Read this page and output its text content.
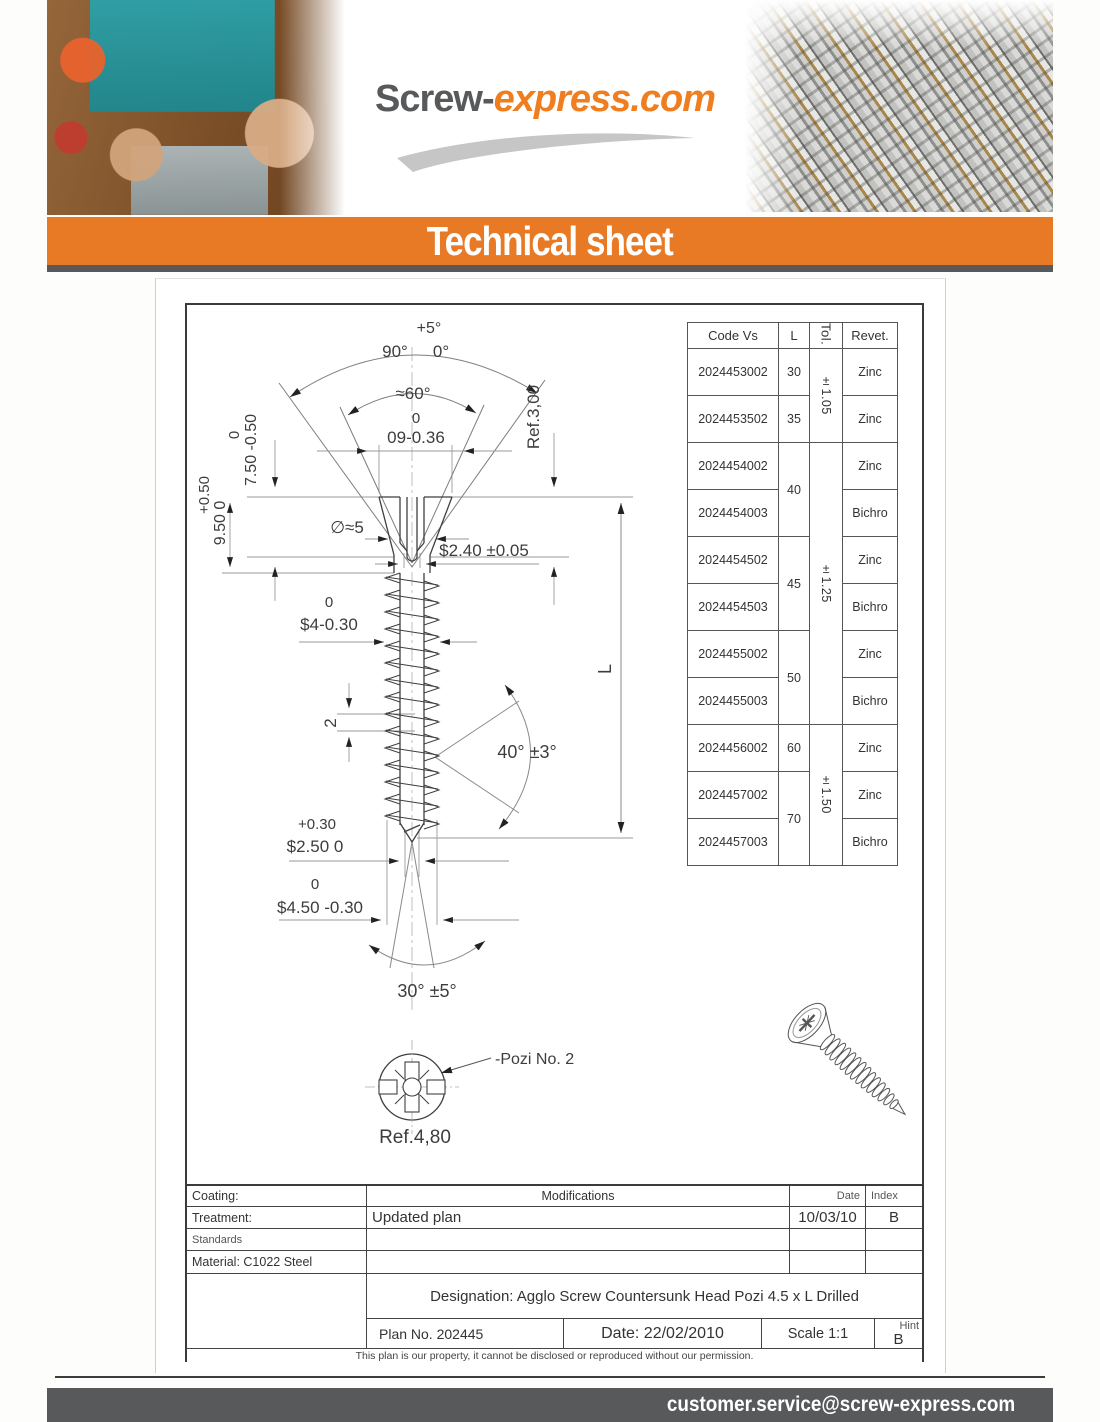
Screw-express.com
Technical sheet
+5°
90° 0°
≈60°
0
09-0.36	Ref.3,00
0 7.50 -0.50
+0.50
9.50 0	∅≈5
$2.40 ±0.05
0
$4-0.30
2
40° ±3°
L
+0.30
$2.50 0
0
$4.50 -0.30
30° ±5°
-Pozi No. 2
Ref.4,80
Code Vs	L	Tol.	Revet.
2024453002	30	±1.05	Zinc
2024453502	35		Zinc
2024454002	40	±1.25	Zinc
2024454003			Bichro
2024454502	45		Zinc
2024454503			Bichro
2024455002	50		Zinc
2024455003			Bichro
2024456002	60	±1.50	Zinc
2024457002	70		Zinc
2024457003			Bichro
Coating:	Modifications	Date	Index
Treatment:	Updated plan	10/03/10	B
Standards
Material: C1022 Steel
Designation: Agglo Screw Countersunk Head Pozi 4.5 x L Drilled
Plan No. 202445	Date: 22/02/2010	Scale 1:1	Hint
B
This plan is our property, it cannot be disclosed or reproduced without our permission.
customer.service@screw-express.com
